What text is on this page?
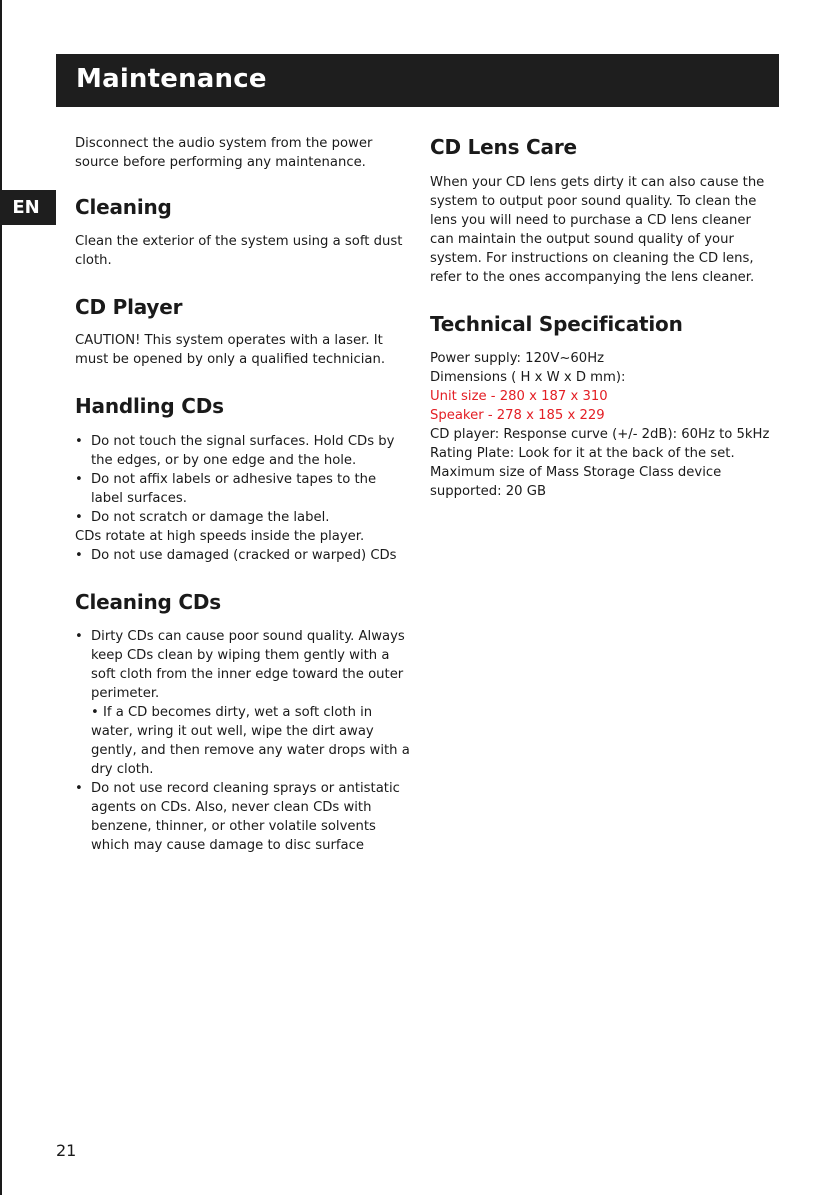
Maintenance
EN

Disconnect the audio system from the power source before performing any maintenance.

Cleaning

Clean the exterior of the system using a soft dust cloth.

CD Player

CAUTION! This system operates with a laser. It must be opened by only a qualified technician.

Handling CDs
• Do not touch the signal surfaces. Hold CDs by the edges, or by one edge and the hole.
• Do not affix labels or adhesive tapes to the label surfaces.
• Do not scratch or damage the label.
CDs rotate at high speeds inside the player.
• Do not use damaged (cracked or warped) CDs
Cleaning CDs
• Dirty CDs can cause poor sound quality. Always keep CDs clean by wiping them gently with a soft cloth from the inner edge toward the outer perimeter.
• If a CD becomes dirty, wet a soft cloth in water, wring it out well, wipe the dirt away gently, and then remove any water drops with a dry cloth.
• Do not use record cleaning sprays or antistatic agents on CDs. Also, never clean CDs with benzene, thinner, or other volatile solvents which may cause damage to disc surface
CD Lens Care

When your CD lens gets dirty it can also cause the system to output poor sound quality. To clean the lens you will need to purchase a CD lens cleaner can maintain the output sound quality of your system. For instructions on cleaning the CD lens, refer to the ones accompanying the lens cleaner.

Technical Specification

Power supply: 120V~60Hz

Dimensions ( H x W x D mm):

Unit size - 280 x 187 x 310

Speaker - 278 x 185 x 229

CD player: Response curve (+/- 2dB): 60Hz to 5kHz

Rating Plate: Look for it at the back of the set.

Maximum size of Mass Storage Class device supported: 20 GB

21
